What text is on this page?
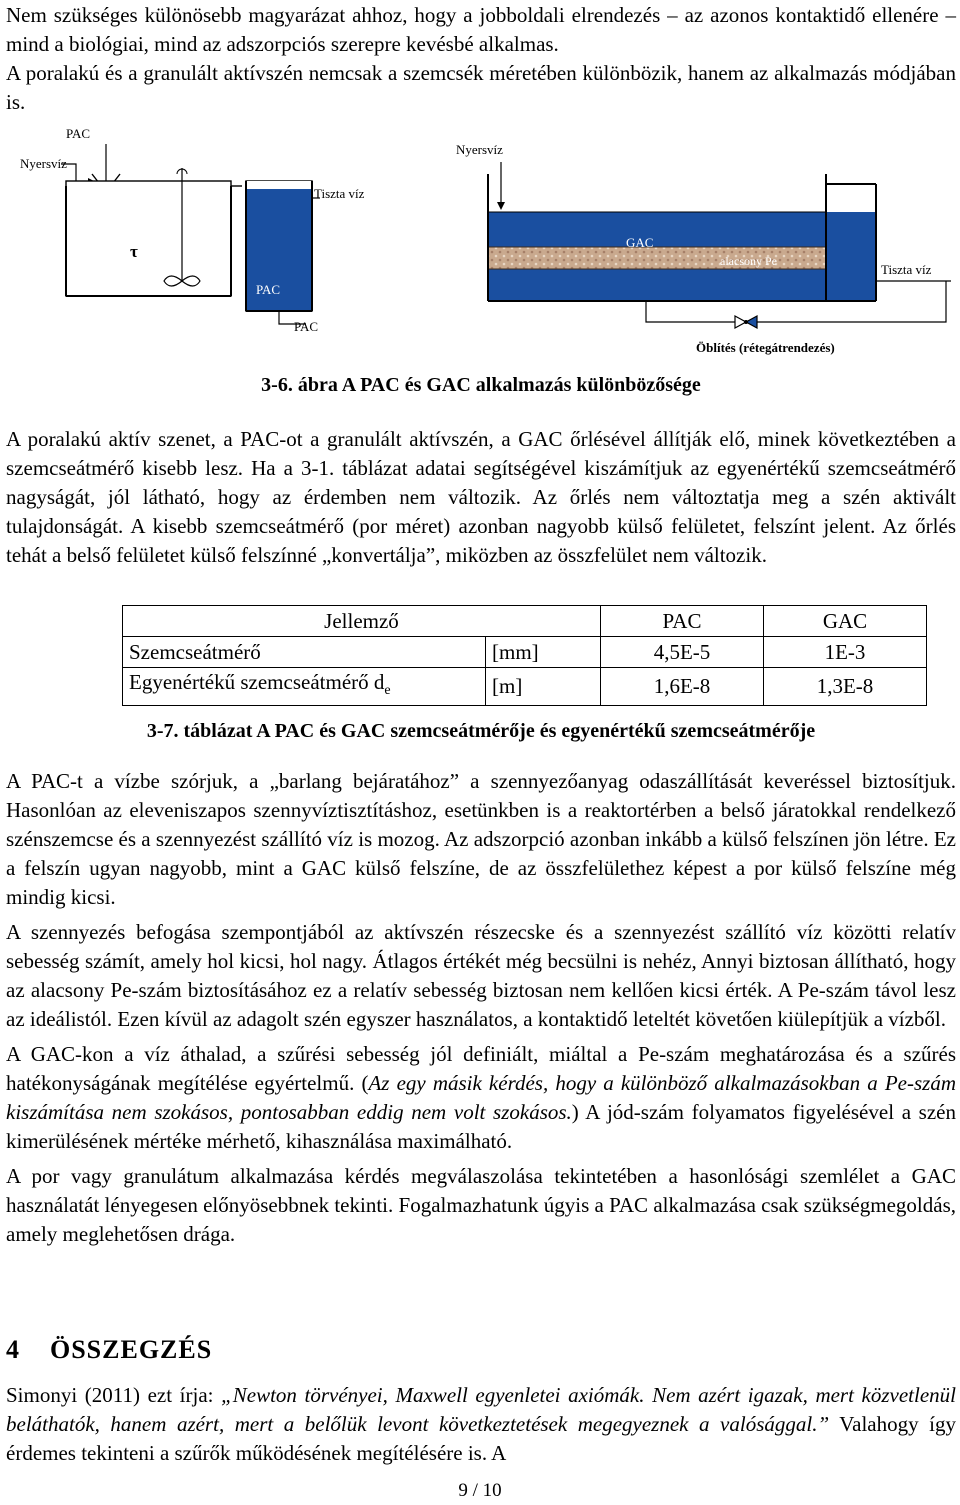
Nem szükséges különösebb magyarázat ahhoz, hogy a jobboldali elrendezés – az azonos kontaktidő ellenére – mind a biológiai, mind az adszorpciós szerepre kevésbé alkalmas.

A poralakú és a granulált aktívszén nemcsak a szemcsék méretében különbözik, hanem az alkalmazás módjában is.

PAC
Nyersvíz
τ
Tiszta víz
PAC
PAC
Nyersvíz
GAC
alacsony Pe
Tiszta víz
Öblítés (rétegátrendezés)
3-6. ábra A PAC és GAC alkalmazás különbözősége

A poralakú aktív szenet, a PAC-ot a granulált aktívszén, a GAC őrlésével állítják elő, minek következtében a szemcseátmérő kisebb lesz. Ha a 3-1. táblázat adatai segítségével kiszámítjuk az egyenértékű szemcseátmérő nagyságát, jól látható, hogy az érdemben nem változik. Az őrlés nem változtatja meg a szén aktivált tulajdonságát. A kisebb szemcseátmérő (por méret) azonban nagyobb külső felületet, felszínt jelent. Az őrlés tehát a belső felületet külső felszínné „konvertálja”, miközben az összfelület nem változik.

Jellemző		PAC	GAC
Szemcseátmérő	[mm]	4,5E-5	1E-3
Egyenértékű szemcseátmérő $d_e$	[m]	1,6E-8	1,3E-8
3-7. táblázat A PAC és GAC szemcseátmérője és egyenértékű szemcseátmérője

A PAC-t a vízbe szórjuk, a „barlang bejáratához” a szennyezőanyag odaszállítását keveréssel biztosítjuk. Hasonlóan az eleveniszapos szennyvíztisztításhoz, esetünkben is a reaktortérben a belső járatokkal rendelkező szénszemcse és a szennyezést szállító víz is mozog. Az adszorpció azonban inkább a külső felszínen jön létre. Ez a felszín ugyan nagyobb, mint a GAC külső felszíne, de az összfelülethez képest a por külső felszíne még mindig kicsi.

A szennyezés befogása szempontjából az aktívszén részecske és a szennyezést szállító víz közötti relatív sebesség számít, amely hol kicsi, hol nagy. Átlagos értékét még becsülni is nehéz, Annyi biztosan állítható, hogy az alacsony Pe-szám biztosításához ez a relatív sebesség biztosan nem kellően kicsi érték. A Pe-szám távol lesz az ideálistól. Ezen kívül az adagolt szén egyszer használatos, a kontaktidő leteltét követően kiülepítjük a vízből.

A GAC-kon a víz áthalad, a szűrési sebesség jól definiált, miáltal a Pe-szám meghatározása és a szűrés hatékonyságának megítélése egyértelmű. (Az egy másik kérdés, hogy a különböző alkalmazásokban a Pe-szám kiszámítása nem szokásos, pontosabban eddig nem volt szokásos.) A jód-szám folyamatos figyelésével a szén kimerülésének mértéke mérhető, kihasználása maximálható.

A por vagy granulátum alkalmazása kérdés megválaszolása tekintetében a hasonlósági szemlélet a GAC használatát lényegesen előnyösebbnek tekinti. Fogalmazhatunk úgyis a PAC alkalmazása csak szükségmegoldás, amely meglehetősen drága.

4 ÖSSZEGZÉS

Simonyi (2011) ezt írja: „Newton törvényei, Maxwell egyenletei axiómák. Nem azért igazak, mert közvetlenül beláthatók, hanem azért, mert a belőlük levont következtetések megegyeznek a valósággal.” Valahogy így érdemes tekinteni a szűrők működésének megítélésére is. A

9 / 10
